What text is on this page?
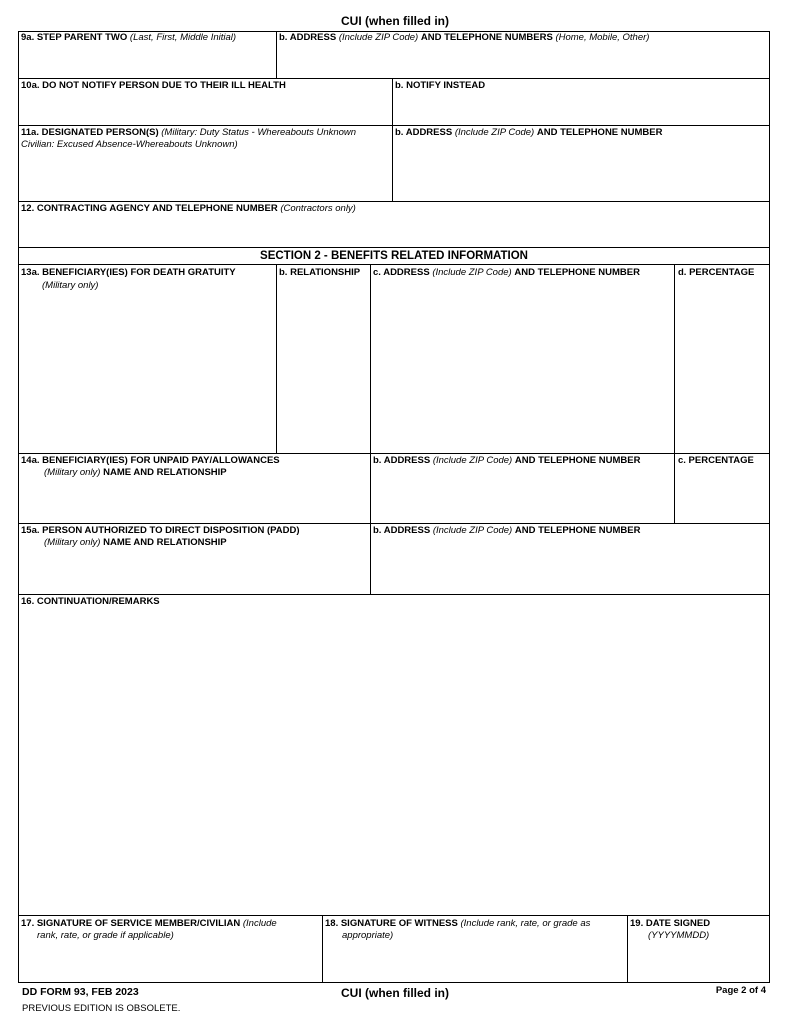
CUI (when filled in)
9a. STEP PARENT TWO (Last, First, Middle Initial)	b. ADDRESS (Include ZIP Code) AND TELEPHONE NUMBERS (Home, Mobile, Other)
10a. DO NOT NOTIFY PERSON DUE TO THEIR ILL HEALTH	b. NOTIFY INSTEAD
11a. DESIGNATED PERSON(S) (Military: Duty Status - Whereabouts Unknown
Civilian: Excused Absence-Whereabouts Unknown)
b. ADDRESS (Include ZIP Code) AND TELEPHONE NUMBER
12. CONTRACTING AGENCY AND TELEPHONE NUMBER (Contractors only)
SECTION 2 - BENEFITS RELATED INFORMATION
13a. BENEFICIARY(IES) FOR DEATH GRATUITY
(Military only)
b. RELATIONSHIP c. ADDRESS (Include ZIP Code) AND TELEPHONE NUMBER	d. PERCENTAGE
14a. BENEFICIARY(IES) FOR UNPAID PAY/ALLOWANCES
(Military only) NAME AND RELATIONSHIP
b. ADDRESS (Include ZIP Code) AND TELEPHONE NUMBER	c. PERCENTAGE
15a. PERSON AUTHORIZED TO DIRECT DISPOSITION (PADD)
(Military only) NAME AND RELATIONSHIP
b. ADDRESS (Include ZIP Code) AND TELEPHONE NUMBER
16. CONTINUATION/REMARKS
17. SIGNATURE OF SERVICE MEMBER/CIVILIAN (Include
rank, rate, or grade if applicable)
18. SIGNATURE OF WITNESS (Include rank, rate, or grade as
appropriate)
19. DATE SIGNED
(YYYYMMDD)
DD FORM 93, FEB 2023	CUI (when filled in)	Page 2 of 4
PREVIOUS EDITION IS OBSOLETE.
